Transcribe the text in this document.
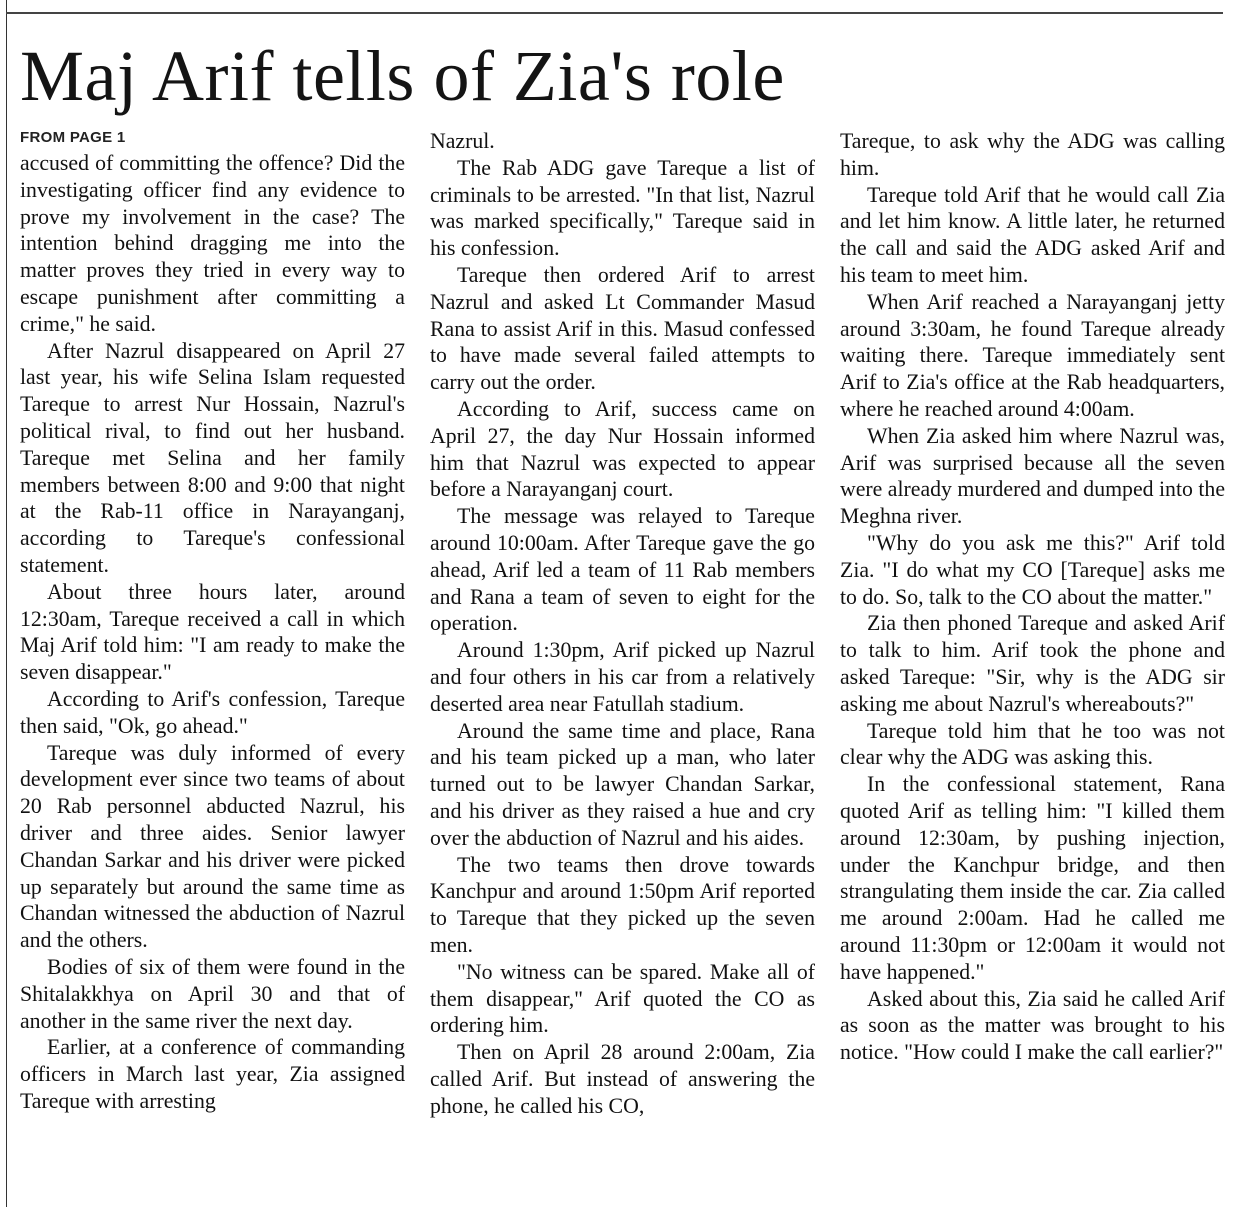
Maj Arif tells of Zia's role
FROM PAGE 1

accused of committing the offence? Did the investigating officer find any evidence to prove my involvement in the case? The intention behind dragging me into the matter proves they tried in every way to escape punishment after committing a crime," he said.

After Nazrul disappeared on April 27 last year, his wife Selina Islam requested Tareque to arrest Nur Hossain, Nazrul's political rival, to find out her husband. Tareque met Selina and her family members between 8:00 and 9:00 that night at the Rab-11 office in Narayanganj, according to Tareque's confessional statement.

About three hours later, around 12:30am, Tareque received a call in which Maj Arif told him: "I am ready to make the seven disappear."

According to Arif's confession, Tareque then said, "Ok, go ahead."

Tareque was duly informed of every development ever since two teams of about 20 Rab personnel abducted Nazrul, his driver and three aides. Senior lawyer Chandan Sarkar and his driver were picked up separately but around the same time as Chandan witnessed the abduction of Nazrul and the others.

Bodies of six of them were found in the Shitalakkhya on April 30 and that of another in the same river the next day.

Earlier, at a conference of commanding officers in March last year, Zia assigned Tareque with arresting

Nazrul.

The Rab ADG gave Tareque a list of criminals to be arrested. "In that list, Nazrul was marked specifically," Tareque said in his confession.

Tareque then ordered Arif to arrest Nazrul and asked Lt Commander Masud Rana to assist Arif in this. Masud confessed to have made several failed attempts to carry out the order.

According to Arif, success came on April 27, the day Nur Hossain informed him that Nazrul was expected to appear before a Narayanganj court.

The message was relayed to Tareque around 10:00am. After Tareque gave the go ahead, Arif led a team of 11 Rab members and Rana a team of seven to eight for the operation.

Around 1:30pm, Arif picked up Nazrul and four others in his car from a relatively deserted area near Fatullah stadium.

Around the same time and place, Rana and his team picked up a man, who later turned out to be lawyer Chandan Sarkar, and his driver as they raised a hue and cry over the abduction of Nazrul and his aides.

The two teams then drove towards Kanchpur and around 1:50pm Arif reported to Tareque that they picked up the seven men.

"No witness can be spared. Make all of them disappear," Arif quoted the CO as ordering him.

Then on April 28 around 2:00am, Zia called Arif. But instead of answering the phone, he called his CO,

Tareque, to ask why the ADG was calling him.

Tareque told Arif that he would call Zia and let him know. A little later, he returned the call and said the ADG asked Arif and his team to meet him.

When Arif reached a Narayanganj jetty around 3:30am, he found Tareque already waiting there. Tareque immediately sent Arif to Zia's office at the Rab headquarters, where he reached around 4:00am.

When Zia asked him where Nazrul was, Arif was surprised because all the seven were already murdered and dumped into the Meghna river.

"Why do you ask me this?" Arif told Zia. "I do what my CO [Tareque] asks me to do. So, talk to the CO about the matter."

Zia then phoned Tareque and asked Arif to talk to him. Arif took the phone and asked Tareque: "Sir, why is the ADG sir asking me about Nazrul's whereabouts?"

Tareque told him that he too was not clear why the ADG was asking this.

In the confessional statement, Rana quoted Arif as telling him: "I killed them around 12:30am, by pushing injection, under the Kanchpur bridge, and then strangulating them inside the car. Zia called me around 2:00am. Had he called me around 11:30pm or 12:00am it would not have happened."

Asked about this, Zia said he called Arif as soon as the matter was brought to his notice. "How could I make the call earlier?"
